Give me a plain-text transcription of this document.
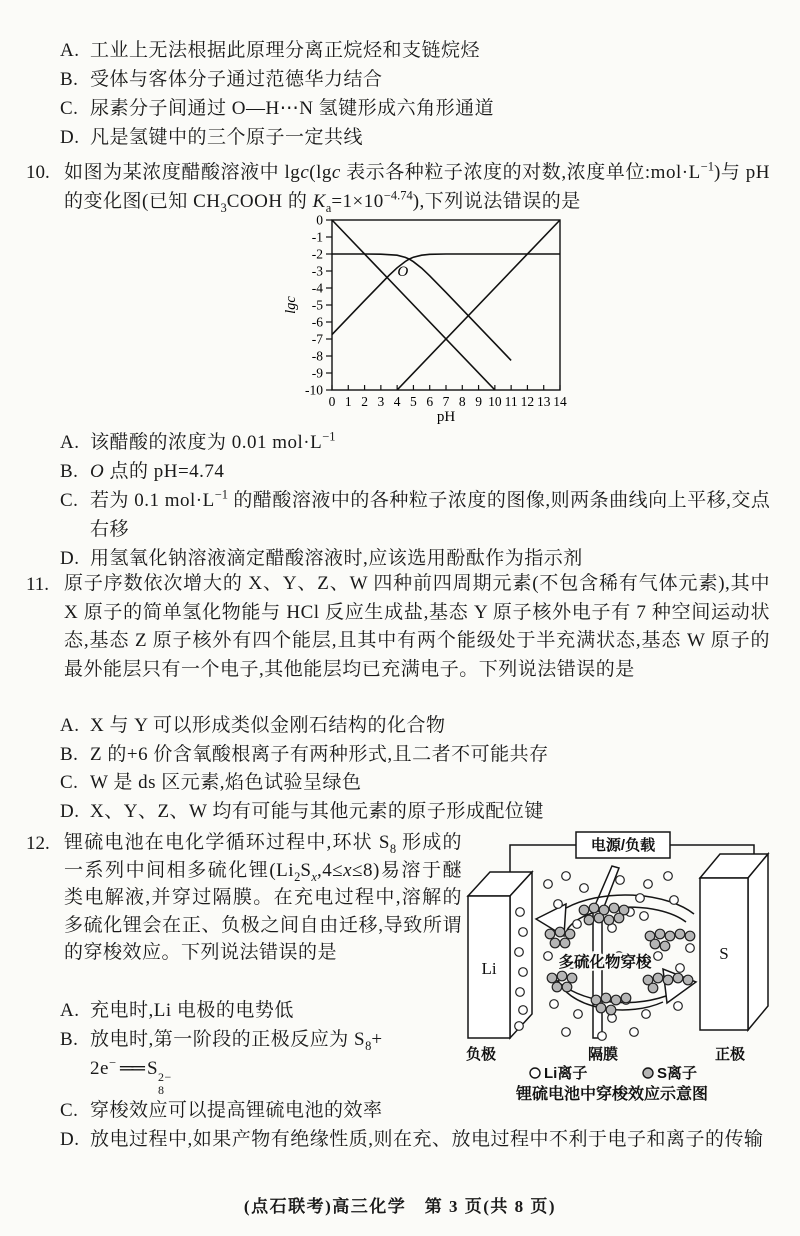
A. 工业上无法根据此原理分离正烷烃和支链烷烃
B. 受体与客体分子通过范德华力结合
C. 尿素分子间通过 O—H⋯N 氢键形成六角形通道
D. 凡是氢键中的三个原子一定共线
10. 如图为某浓度醋酸溶液中 lgc(lgc 表示各种粒子浓度的对数,浓度单位$:mol\cdot L^{-1}$)与 pH 的变化图(已知 $CH_3COOH$ 的 $K_a=1\times 10^{-4.74}$),下列说法错误的是
0 1 2 3 4 5 6 7 8 9 10 11 12 13 14
0
-1
-2
-3
-4
-5
-6
-7
-8
-9
-10
O
lgc
pH
A. 该醋酸的浓度为 0.01 $mol\cdot L^{-1}$
B. O 点的 pH=4.74
C. 若为 0.1 $mol\cdot L^{-1}$ 的醋酸溶液中的各种粒子浓度的图像,则两条曲线向上平移,交点右移
D. 用氢氧化钠溶液滴定醋酸溶液时,应该选用酚酞作为指示剂
11. 原子序数依次增大的 X、Y、Z、W 四种前四周期元素(不包含稀有气体元素),其中 X 原子的简单氢化物能与 HCl 反应生成盐,基态 Y 原子核外电子有 7 种空间运动状态,基态 Z 原子核外有四个能层,且其中有两个能级处于半充满状态,基态 W 原子的最外能层只有一个电子,其他能层均已充满电子。下列说法错误的是
A. X 与 Y 可以形成类似金刚石结构的化合物
B. Z 的+6 价含氧酸根离子有两种形式,且二者不可能共存
C. W 是 ds 区元素,焰色试验呈绿色
D. X、Y、Z、W 均有可能与其他元素的原子形成配位键
12. 锂硫电池在电化学循环过程中,环状 $S_8$ 形成的一系列中间相多硫化锂$(Li_2S_x,4\le x\le 8)$易溶于醚类电解液,并穿过隔膜。在充电过程中,溶解的多硫化锂会在正、负极之间自由迁移,导致所谓的穿梭效应。下列说法错误的是
A. 充电时,Li 电极的电势低
B. 放电时,第一阶段的正极反应为 $S_8+$
2e− ══ S 2−
8
C. 穿梭效应可以提高锂硫电池的效率
D. 放电过程中,如果产物有绝缘性质,则在充、放电过程中不利于电子和离子的传输
电源/负载
Li
S
多硫化物穿梭
负极	隔膜	正极
Li离子	S离子
锂硫电池中穿梭效应示意图
(点石联考)高三化学　第 3 页(共 8 页)
